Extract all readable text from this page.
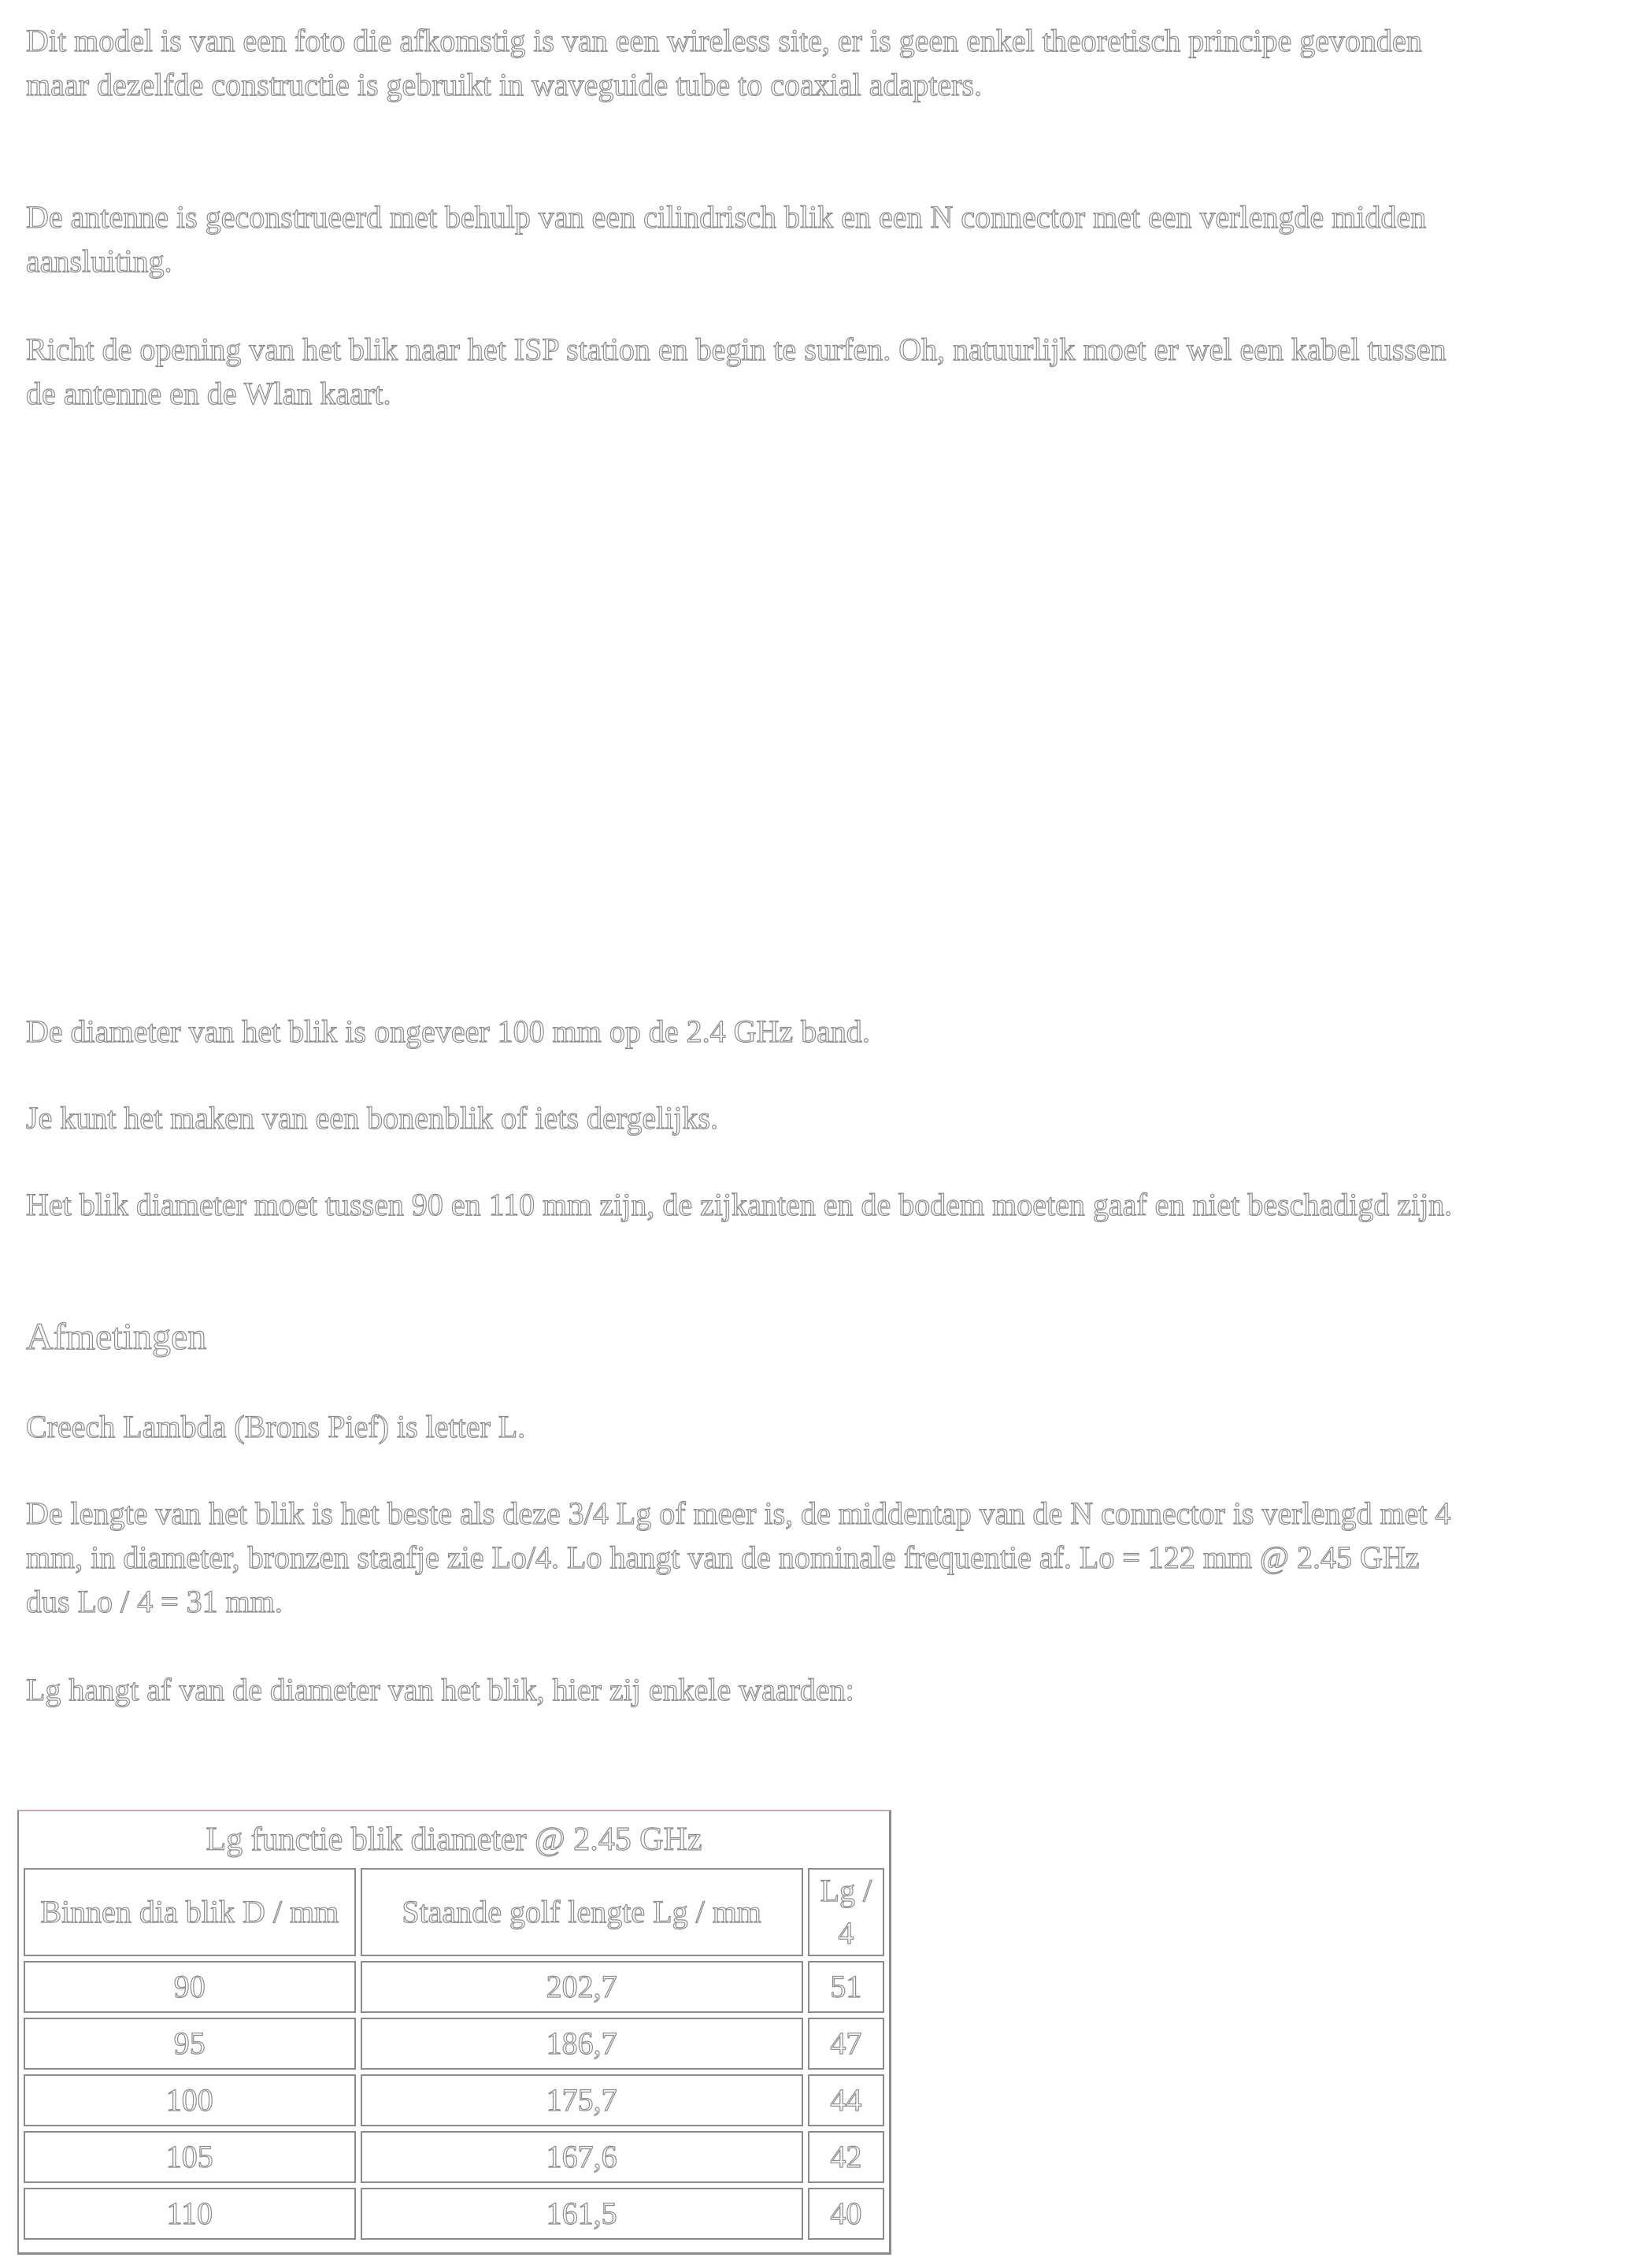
Dit model is van een foto die afkomstig is van een wireless site, er is geen enkel theoretisch principe gevonden maar dezelfde constructie is gebruikt in waveguide tube to coaxial adapters.

De antenne is geconstrueerd met behulp van een cilindrisch blik en een N connector met een verlengde midden aansluiting.

Richt de opening van het blik naar het ISP station en begin te surfen. Oh, natuurlijk moet er wel een kabel tussen de antenne en de Wlan kaart.

De diameter van het blik is ongeveer 100 mm op de 2.4 GHz band.

Je kunt het maken van een bonenblik of iets dergelijks.

Het blik diameter moet tussen 90 en 110 mm zijn, de zijkanten en de bodem moeten gaaf en niet beschadigd zijn.

Afmetingen

Creech Lambda (Brons Pief) is letter L.

De lengte van het blik is het beste als deze 3/4 Lg of meer is, de middentap van de N connector is verlengd met 4 mm, in diameter, bronzen staafje zie Lo/4. Lo hangt van de nominale frequentie af. Lo = 122 mm @ 2.45 GHz dus Lo / 4 = 31 mm.

Lg hangt af van de diameter van het blik, hier zij enkele waarden:

Lg functie blik diameter @ 2.45 GHz		
Binnen dia blik D / mm	Staande golf lengte Lg / mm	Lg / 4
90	202,7	51
95	186,7	47
100	175,7	44
105	167,6	42
110	161,5	40
